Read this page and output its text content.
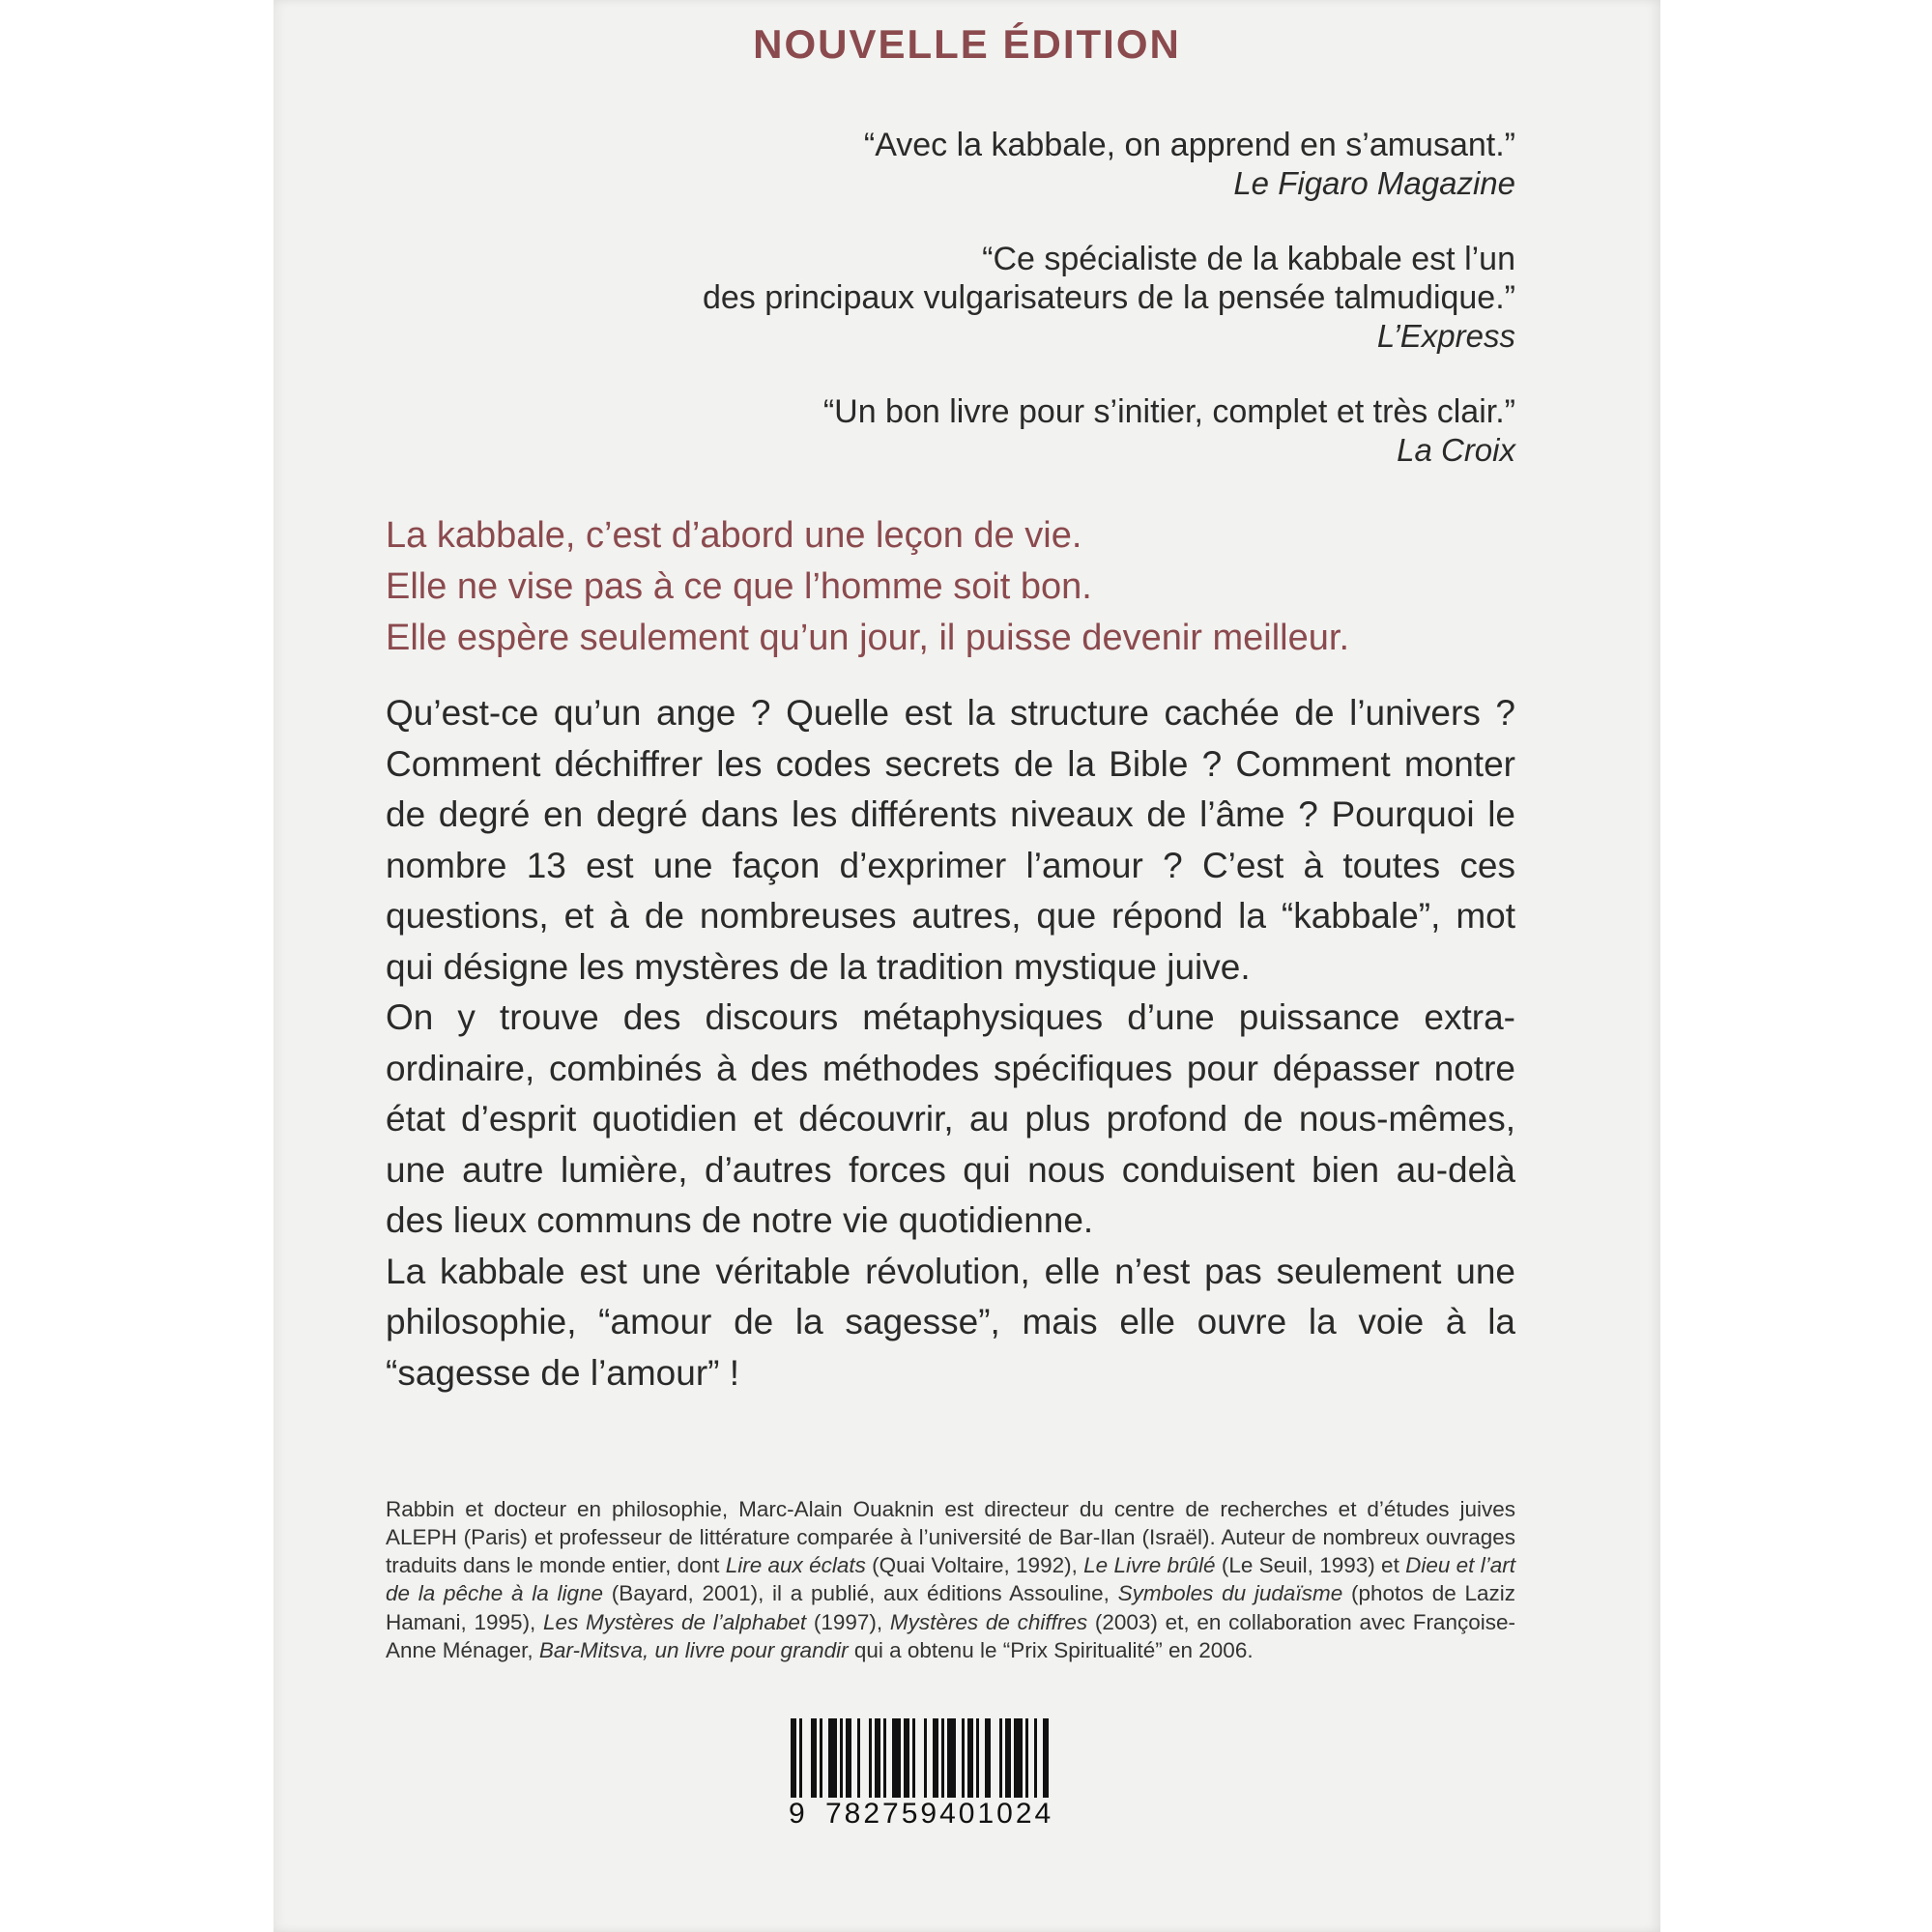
NOUVELLE ÉDITION
“Avec la kabbale, on apprend en s’amusant.”
Le Figaro Magazine
“Ce spécialiste de la kabbale est l’un
des principaux vulgarisateurs de la pensée talmudique.”
L’Express
“Un bon livre pour s’initier, complet et très clair.”
La Croix
La kabbale, c’est d’abord une leçon de vie.
Elle ne vise pas à ce que l’homme soit bon.
Elle espère seulement qu’un jour, il puisse devenir meilleur.

Qu’est-ce qu’un ange ? Quelle est la structure cachée de l’univers ? Comment déchiffrer les codes secrets de la Bible ? Comment monter de degré en degré dans les différents niveaux de l’âme ? Pourquoi le nombre 13 est une façon d’exprimer l’amour ? C’est à toutes ces questions, et à de nombreuses autres, que répond la “kabbale”, mot qui désigne les mystères de la tradition mystique juive.

On y trouve des discours métaphysiques d’une puissance extra-ordinaire, combinés à des méthodes spécifiques pour dépasser notre état d’esprit quotidien et découvrir, au plus profond de nous-mêmes, une autre lumière, d’autres forces qui nous conduisent bien au-delà des lieux communs de notre vie quotidienne.

La kabbale est une véritable révolution, elle n’est pas seulement une philosophie, “amour de la sagesse”, mais elle ouvre la voie à la “sagesse de l’amour” !

Rabbin et docteur en philosophie, Marc-Alain Ouaknin est directeur du centre de recherches et d’études juives ALEPH (Paris) et professeur de littérature comparée à l’université de Bar-Ilan (Israël). Auteur de nombreux ouvrages traduits dans le monde entier, dont Lire aux éclats (Quai Voltaire, 1992), Le Livre brûlé (Le Seuil, 1993) et Dieu et l’art de la pêche à la ligne (Bayard, 2001), il a publié, aux éditions Assouline, Symboles du judaïsme (photos de Laziz Hamani, 1995), Les Mystères de l’alphabet (1997), Mystères de chiffres (2003) et, en collaboration avec Françoise-Anne Ménager, Bar-Mitsva, un livre pour grandir qui a obtenu le “Prix Spiritualité” en 2006.

9 782759401024
